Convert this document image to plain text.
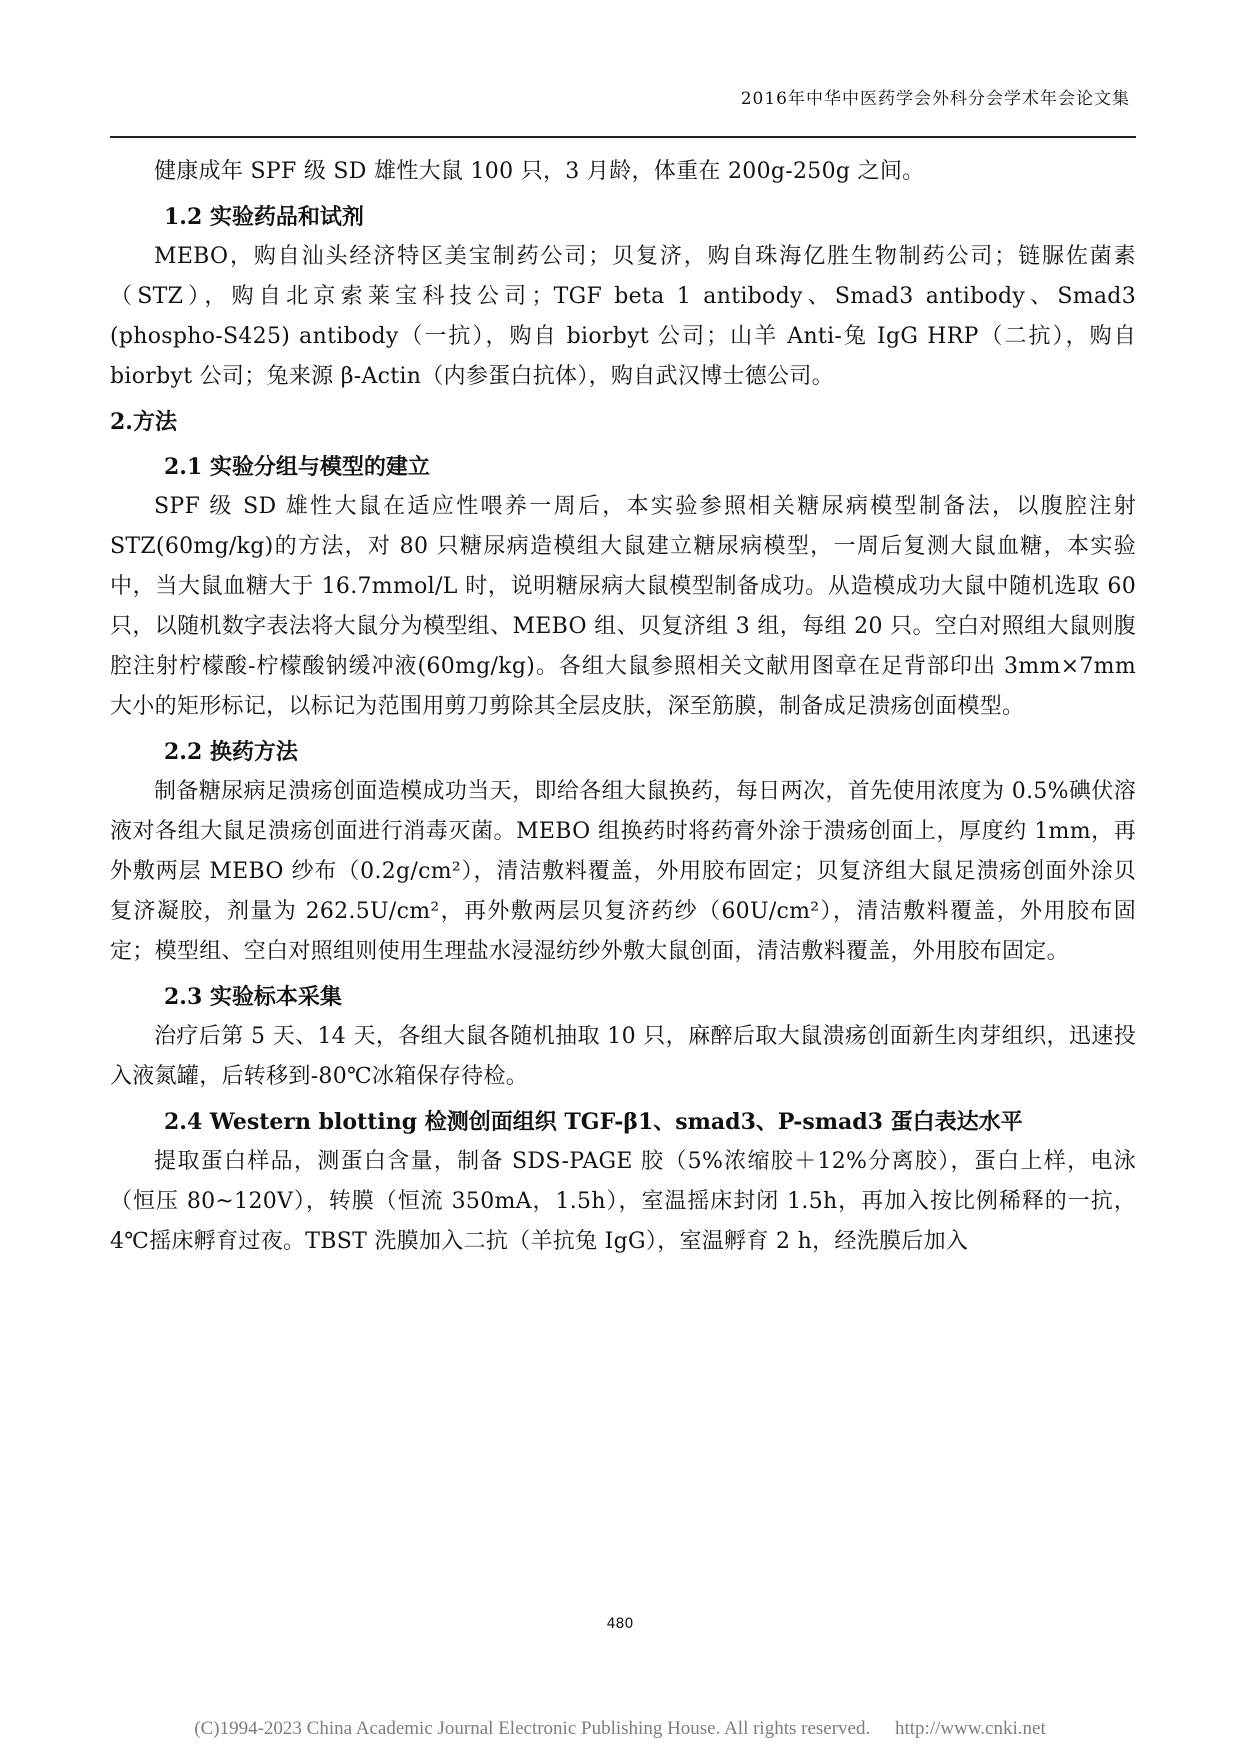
2016年中华中医药学会外科分会学术年会论文集

健康成年 SPF 级 SD 雄性大鼠 100 只，3 月龄，体重在 200g-250g 之间。

1.2 实验药品和试剂

MEBO，购自汕头经济特区美宝制药公司；贝复济，购自珠海亿胜生物制药公司；链脲佐菌素（STZ），购自北京索莱宝科技公司；TGF beta 1 antibody、Smad3 antibody、Smad3 (phospho-S425) antibody（一抗），购自 biorbyt 公司；山羊 Anti-兔 IgG HRP（二抗），购自 biorbyt 公司；兔来源 β-Actin（内参蛋白抗体），购自武汉博士德公司。

2.方法
2.1 实验分组与模型的建立

SPF 级 SD 雄性大鼠在适应性喂养一周后，本实验参照相关糖尿病模型制备法，以腹腔注射 STZ(60mg/kg)的方法，对 80 只糖尿病造模组大鼠建立糖尿病模型，一周后复测大鼠血糖，本实验中，当大鼠血糖大于 16.7mmol/L 时，说明糖尿病大鼠模型制备成功。从造模成功大鼠中随机选取 60 只，以随机数字表法将大鼠分为模型组、MEBO 组、贝复济组 3 组，每组 20 只。空白对照组大鼠则腹腔注射柠檬酸-柠檬酸钠缓冲液(60mg/kg)。各组大鼠参照相关文献用图章在足背部印出 3mm×7mm 大小的矩形标记，以标记为范围用剪刀剪除其全层皮肤，深至筋膜，制备成足溃疡创面模型。

2.2 换药方法

制备糖尿病足溃疡创面造模成功当天，即给各组大鼠换药，每日两次，首先使用浓度为 0.5%碘伏溶液对各组大鼠足溃疡创面进行消毒灭菌。MEBO 组换药时将药膏外涂于溃疡创面上，厚度约 1mm，再外敷两层 MEBO 纱布（0.2g/cm²），清洁敷料覆盖，外用胶布固定；贝复济组大鼠足溃疡创面外涂贝复济凝胶，剂量为 262.5U/cm²，再外敷两层贝复济药纱（60U/cm²），清洁敷料覆盖，外用胶布固定；模型组、空白对照组则使用生理盐水浸湿纺纱外敷大鼠创面，清洁敷料覆盖，外用胶布固定。

2.3 实验标本采集

治疗后第 5 天、14 天，各组大鼠各随机抽取 10 只，麻醉后取大鼠溃疡创面新生肉芽组织，迅速投入液氮罐，后转移到-80℃冰箱保存待检。

2.4 Western blotting 检测创面组织 TGF-β1、smad3、P-smad3 蛋白表达水平

提取蛋白样品，测蛋白含量，制备 SDS-PAGE 胶（5%浓缩胶＋12%分离胶），蛋白上样，电泳（恒压 80~120V），转膜（恒流 350mA，1.5h），室温摇床封闭 1.5h，再加入按比例稀释的一抗，4℃摇床孵育过夜。TBST 洗膜加入二抗（羊抗兔 IgG），室温孵育 2 h，经洗膜后加入

480
(C)1994-2023 China Academic Journal Electronic Publishing House. All rights reserved. http://www.cnki.net
